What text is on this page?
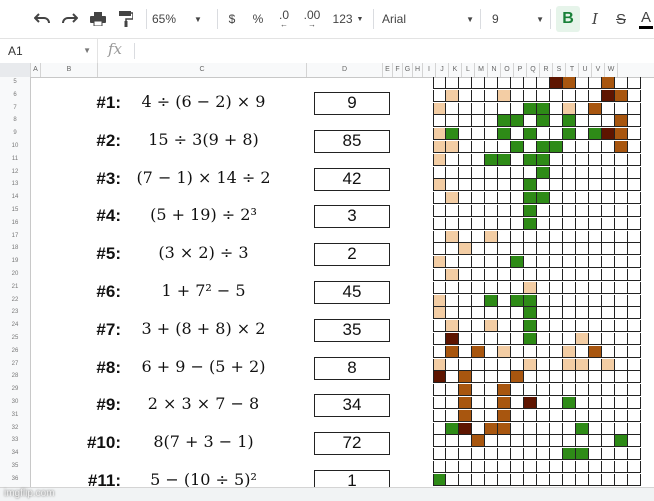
65% ▼	$	% .0
←
.00
→ 123 ▼ Arial	▼ 9	▼	B	I	S A
A1	▼ fx
A	B	C	D	E F G H	I	J	K	L	M	N	O	P	Q	R	S	T	U	V	W
5
6
7
8
9
10
11
12
13
14
15
16
17
18
19
20
21
22
23
24
25
26
27
28
29
30
31
32
33
34
35
36
#1:	4 ÷ (6 − 2) × 9	9
#2:	15 ÷ 3(9 + 8)	85
#3: (7 − 1) × 14 ÷ 2	42
#4:	(5 + 19) ÷ 2³	3
#5:	(3 × 2) ÷ 3	2
#6:	1 + 7² − 5	45
#7:	3 + (8 + 8) × 2	35
#8:	6 + 9 − (5 + 2)	8
#9:	2 × 3 × 7 − 8	34
#10:	8(7 + 3 − 1)	72
#11:	5 − (10 ÷ 5)²	1
imgflip.com
